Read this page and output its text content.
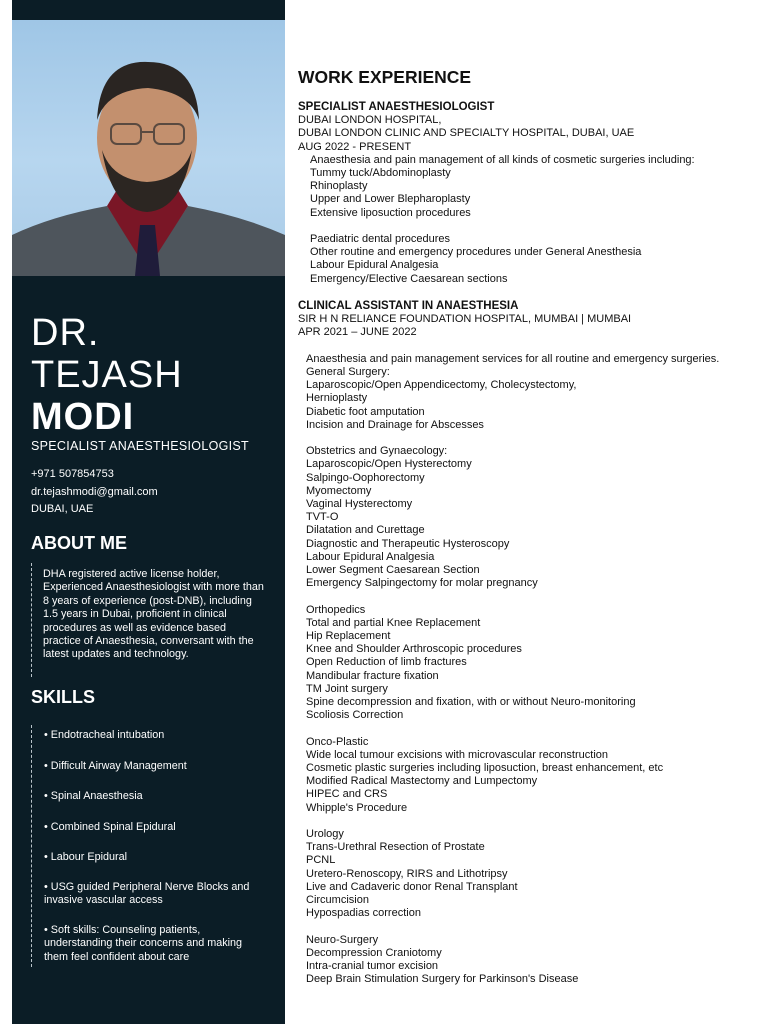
DR.
TEJASH
MODI
SPECIALIST ANAESTHESIOLOGIST
+971 507854753
dr.tejashmodi@gmail.com
DUBAI, UAE
ABOUT ME
DHA registered active license holder, Experienced Anaesthesiologist with more than 8 years of experience (post-DNB), including 1.5 years in Dubai, proficient in clinical procedures as well as evidence based practice of Anaesthesia, conversant with the latest updates and technology.
SKILLS
• Endotracheal intubation
• Difficult Airway Management
• Spinal Anaesthesia
• Combined Spinal Epidural
• Labour Epidural
• USG guided Peripheral Nerve Blocks and invasive vascular access
• Soft skills: Counseling patients, understanding their concerns and making them feel confident about care
WORK EXPERIENCE
SPECIALIST ANAESTHESIOLOGIST
DUBAI LONDON HOSPITAL,
DUBAI LONDON CLINIC AND SPECIALTY HOSPITAL, DUBAI, UAE
AUG 2022 - PRESENT
Anaesthesia and pain management of all kinds of cosmetic surgeries including:
Tummy tuck/Abdominoplasty
Rhinoplasty
Upper and Lower Blepharoplasty
Extensive liposuction procedures
Paediatric dental procedures
Other routine and emergency procedures under General Anesthesia
Labour Epidural Analgesia
Emergency/Elective Caesarean sections
CLINICAL ASSISTANT IN ANAESTHESIA
SIR H N RELIANCE FOUNDATION HOSPITAL, MUMBAI | MUMBAI
APR 2021 – JUNE 2022
Anaesthesia and pain management services for all routine and emergency surgeries.
General Surgery:
Laparoscopic/Open Appendicectomy, Cholecystectomy,
Hernioplasty
Diabetic foot amputation
Incision and Drainage for Abscesses
Obstetrics and Gynaecology:
Laparoscopic/Open Hysterectomy
Salpingo-Oophorectomy
Myomectomy
Vaginal Hysterectomy
TVT-O
Dilatation and Curettage
Diagnostic and Therapeutic Hysteroscopy
Labour Epidural Analgesia
Lower Segment Caesarean Section
Emergency Salpingectomy for molar pregnancy
Orthopedics
Total and partial Knee Replacement
Hip Replacement
Knee and Shoulder Arthroscopic procedures
Open Reduction of limb fractures
Mandibular fracture fixation
TM Joint surgery
Spine decompression and fixation, with or without Neuro-monitoring
Scoliosis Correction
Onco-Plastic
Wide local tumour excisions with microvascular reconstruction
Cosmetic plastic surgeries including liposuction, breast enhancement, etc
Modified Radical Mastectomy and Lumpectomy
HIPEC and CRS
Whipple's Procedure
Urology
Trans-Urethral Resection of Prostate
PCNL
Uretero-Renoscopy, RIRS and Lithotripsy
Live and Cadaveric donor Renal Transplant
Circumcision
Hypospadias correction
Neuro-Surgery
Decompression Craniotomy
Intra-cranial tumor excision
Deep Brain Stimulation Surgery for Parkinson's Disease
